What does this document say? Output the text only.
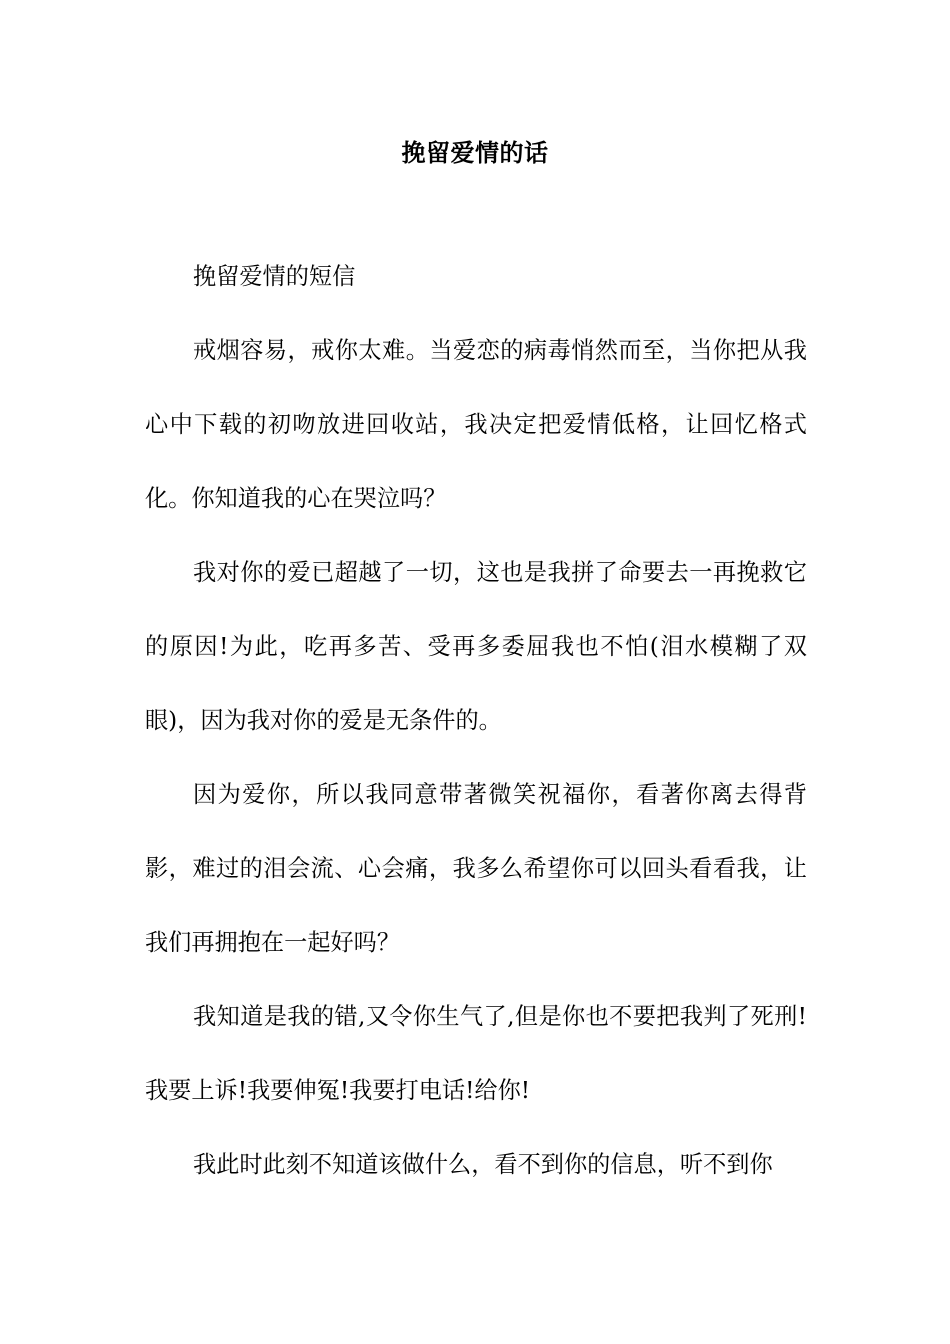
挽留爱情的话

挽留爱情的短信

戒烟容易，戒你太难。当爱恋的病毒悄然而至，当你把从我心中下载的初吻放进回收站，我决定把爱情低格，让回忆格式化。你知道我的心在哭泣吗？

我对你的爱已超越了一切，这也是我拼了命要去一再挽救它的原因!为此，吃再多苦、受再多委屈我也不怕(泪水模糊了双眼)，因为我对你的爱是无条件的。

因为爱你，所以我同意带著微笑祝福你，看著你离去得背影，难过的泪会流、心会痛，我多么希望你可以回头看看我，让我们再拥抱在一起好吗？

我知道是我的错,又令你生气了,但是你也不要把我判了死刑!我要上诉!我要伸冤!我要打电话!给你!

我此时此刻不知道该做什么，看不到你的信息，听不到你
